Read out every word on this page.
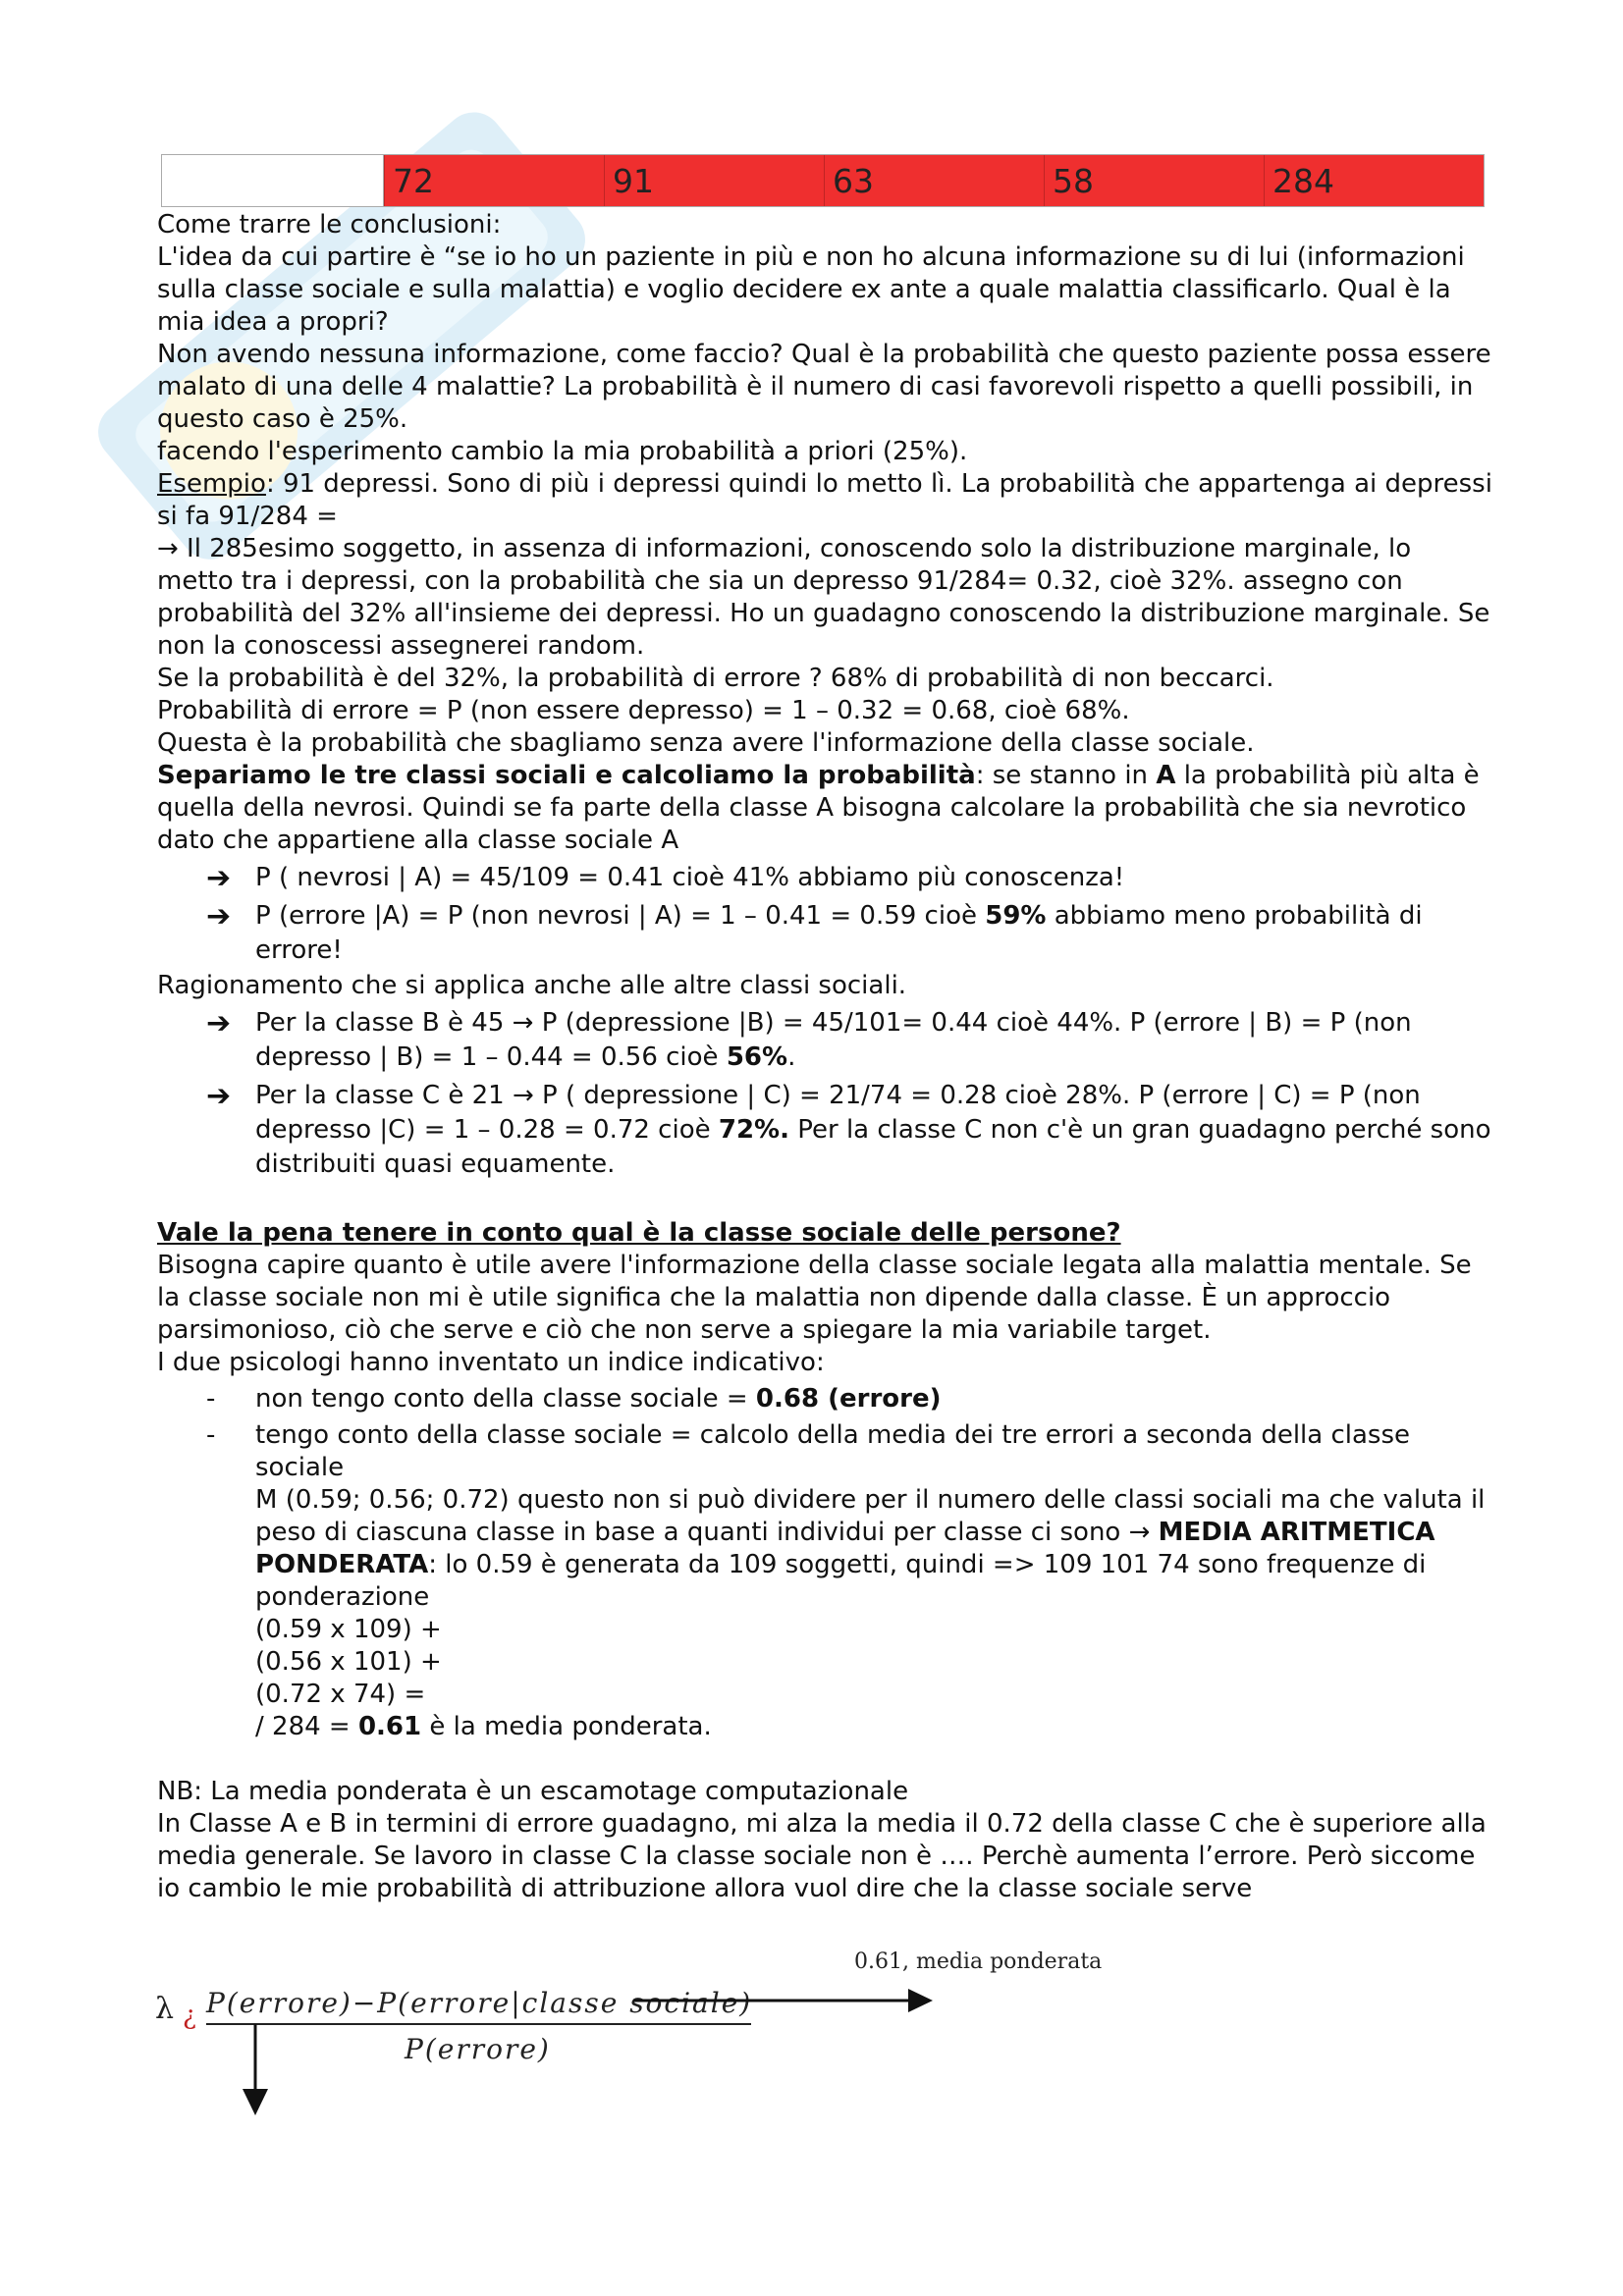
72	91	63	58	284

Come trarre le conclusioni:

L'idea da cui partire è “se io ho un paziente in più e non ho alcuna informazione su di lui (informazioni sulla classe sociale e sulla malattia) e voglio decidere ex ante a quale malattia classificarlo. Qual è la mia idea a propri?

Non avendo nessuna informazione, come faccio? Qual è la probabilità che questo paziente possa essere malato di una delle 4 malattie? La probabilità è il numero di casi favorevoli rispetto a quelli possibili, in questo caso è 25%.

facendo l'esperimento cambio la mia probabilità a priori (25%).

Esempio: 91 depressi. Sono di più i depressi quindi lo metto lì. La probabilità che appartenga ai depressi si fa 91/284 =

→ Il 285esimo soggetto, in assenza di informazioni, conoscendo solo la distribuzione marginale, lo metto tra i depressi, con la probabilità che sia un depresso 91/284= 0.32, cioè 32%. assegno con probabilità del 32% all'insieme dei depressi. Ho un guadagno conoscendo la distribuzione marginale. Se non la conoscessi assegnerei random.

Se la probabilità è del 32%, la probabilità di errore ? 68% di probabilità di non beccarci.

Probabilità di errore = P (non essere depresso) = 1 – 0.32 = 0.68, cioè 68%.

Questa è la probabilità che sbagliamo senza avere l'informazione della classe sociale.

Separiamo le tre classi sociali e calcoliamo la probabilità: se stanno in A la probabilità più alta è quella della nevrosi. Quindi se fa parte della classe A bisogna calcolare la probabilità che sia nevrotico dato che appartiene alla classe sociale A

➔ P ( nevrosi | A) = 45/109 = 0.41 cioè 41% abbiamo più conoscenza!
➔ P (errore |A) = P (non nevrosi | A) = 1 – 0.41 = 0.59 cioè 59% abbiamo meno probabilità di errore!

Ragionamento che si applica anche alle altre classi sociali.

➔ Per la classe B è 45 → P (depressione |B) = 45/101= 0.44 cioè 44%. P (errore | B) = P (non depresso | B) = 1 – 0.44 = 0.56 cioè 56%.
➔ Per la classe C è 21 → P ( depressione | C) = 21/74 = 0.28 cioè 28%. P (errore | C) = P (non depresso |C) = 1 – 0.28 = 0.72 cioè 72%. Per la classe C non c'è un gran guadagno perché sono distribuiti quasi equamente.

Vale la pena tenere in conto qual è la classe sociale delle persone?

Bisogna capire quanto è utile avere l'informazione della classe sociale legata alla malattia mentale. Se la classe sociale non mi è utile significa che la malattia non dipende dalla classe. È un approccio parsimonioso, ciò che serve e ciò che non serve a spiegare la mia variabile target.

I due psicologi hanno inventato un indice indicativo:

-	non tengo conto della classe sociale = 0.68 (errore)
-	tengo conto della classe sociale = calcolo della media dei tre errori a seconda della classe sociale

M (0.59; 0.56; 0.72) questo non si può dividere per il numero delle classi sociali ma che valuta il peso di ciascuna classe in base a quanti individui per classe ci sono → MEDIA ARITMETICA PONDERATA: lo 0.59 è generata da 109 soggetti, quindi => 109 101 74 sono frequenze di ponderazione

(0.59 x 109) +

(0.56 x 101) +

(0.72 x 74) =

/ 284 = 0.61 è la media ponderata.

NB: La media ponderata è un escamotage computazionale

In Classe A e B in termini di errore guadagno, mi alza la media il 0.72 della classe C che è superiore alla media generale. Se lavoro in classe C la classe sociale non è …. Perchè aumenta l’errore. Però siccome io cambio le mie probabilità di attribuzione allora vuol dire che la classe sociale serve

0.61, media ponderata
λ ¿ P(errore)−P(errore|classe sociale)
P(errore)
